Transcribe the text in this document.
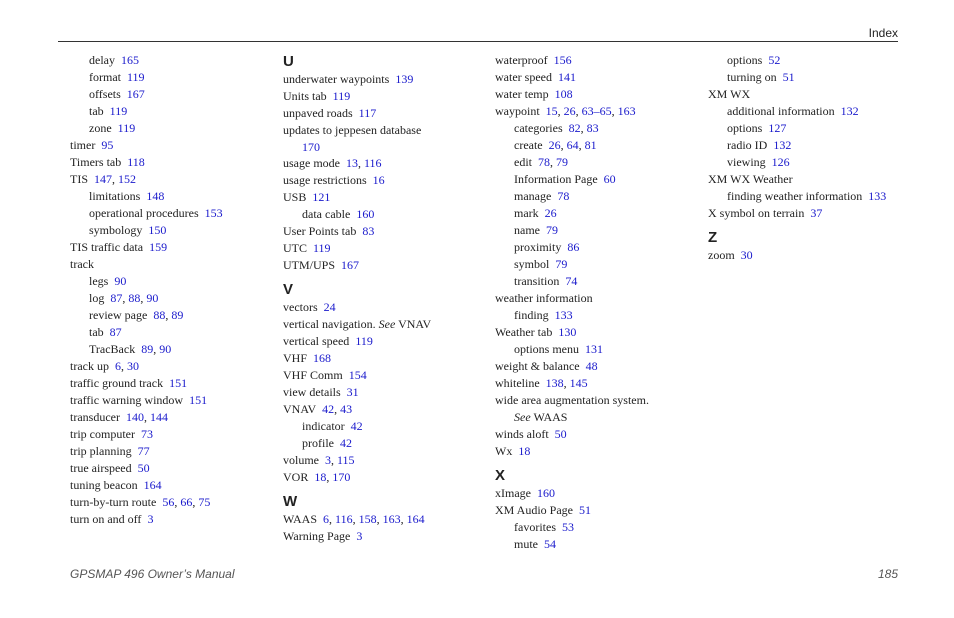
Index
delay 165
format 119
offsets 167
tab 119
zone 119
timer 95
Timers tab 118
TIS 147, 152
limitations 148
operational procedures 153
symbology 150
TIS traffic data 159
track
legs 90
log 87, 88, 90
review page 88, 89
tab 87
TracBack 89, 90
track up 6, 30
traffic ground track 151
traffic warning window 151
transducer 140, 144
trip computer 73
trip planning 77
true airspeed 50
tuning beacon 164
turn-by-turn route 56, 66, 75
turn on and off 3
U
underwater waypoints 139
Units tab 119
unpaved roads 117
updates to jeppesen database
170
usage mode 13, 116
usage restrictions 16
USB 121
data cable 160
User Points tab 83
UTC 119
UTM/UPS 167
V
vectors 24
vertical navigation. See VNAV
vertical speed 119
VHF 168
VHF Comm 154
view details 31
VNAV 42, 43
indicator 42
profile 42
volume 3, 115
VOR 18, 170
W
WAAS 6, 116, 158, 163, 164
Warning Page 3
waterproof 156
water speed 141
water temp 108
waypoint 15, 26, 63–65, 163
categories 82, 83
create 26, 64, 81
edit 78, 79
Information Page 60
manage 78
mark 26
name 79
proximity 86
symbol 79
transition 74
weather information
finding 133
Weather tab 130
options menu 131
weight & balance 48
whiteline 138, 145
wide area augmentation system.
See WAAS
winds aloft 50
Wx 18
X
xImage 160
XM Audio Page 51
favorites 53
mute 54
options 52
turning on 51
XM WX
additional information 132
options 127
radio ID 132
viewing 126
XM WX Weather
finding weather information 133
X symbol on terrain 37
Z
zoom 30
GPSMAP 496 Owner’s Manual	185
